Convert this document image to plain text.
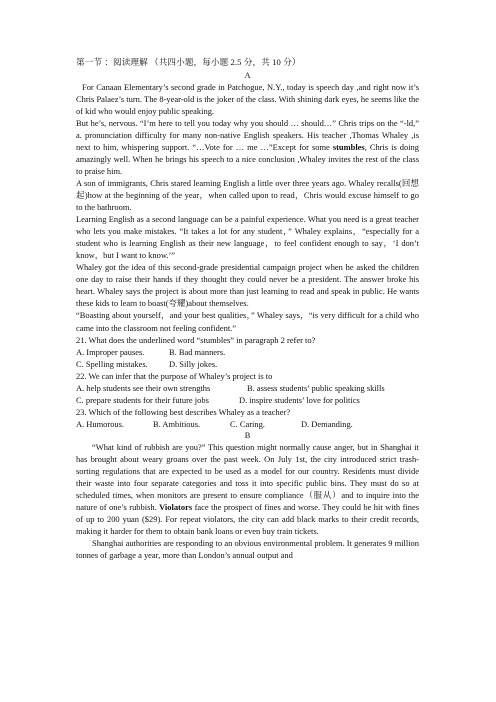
第一节 ：阅读理解 （共四小题，每小题 2.5 分，共 10 分）
A

For Canaan Elementary’s second grade in Patchogue, N.Y., today is speech day ,and right now it’s Chris Palaez’s turn. The 8-year-old is the joker of the class. With shining dark eyes, he seems like the of kid who would enjoy public speaking.

But he’s, nervous. “I’m here to tell you today why you should … should…” Chris trips on the “-ld,” a. pronunciation difficulty for many non-native English speakers. His teacher ,Thomas Whaley ,is next to him, whispering support. “…Vote for … me …”Except for some stumbles, Chris is doing amazingly well. When he brings his speech to a nice conclusion ,Whaley invites the rest of the class to praise him.

A son of immigrants, Chris stared learning English a little over three years ago. Whaley recalls(回想起)how at the beginning of the year，when called upon to read，Chris would excuse himself to go to the bathroom.

Learning English as a second language can be a painful experience. What you need is a great teacher who lets you make mistakes. “It takes a lot for any student，” Whaley explains，“especially for a student who is learning English as their new language，to feel confident enough to say，‘I don’t know，but I want to know.’”

Whaley got the idea of this second-grade presidential campaign project when he asked the children one day to raise their hands if they thought they could never be a president. The answer broke his heart. Whaley says the project is about more than just learning to read and speak in public. He wants these kids to learn to boast(夸耀)about themselves.

“Boasting about yourself，and your best qualities，” Whaley says，“is very difficult for a child who came into the classroom not feeling confident.”

21. What does the underlined word “stumbles” in paragraph 2 refer to?

A. Improper pauses.	B. Bad manners.
C. Spelling mistakes.	D. Silly jokes.

22. We can infer that the purpose of Whaley’s project is to

A. help students see their own strengths	B. assess students’ public speaking skills
C. prepare students for their future jobs	D. inspire students’ love for politics

23. Which of the following best describes Whaley as a teacher?

A. Humorous.	B. Ambitious.	C. Caring.	D. Demanding.
B

“What kind of rubbish are you?” This question might normally cause anger, but in Shanghai it has brought about weary groans over the past week. On July 1st, the city introduced strict trash-sorting regulations that are expected to be used as a model for our country. Residents must divide their waste into four separate categories and toss it into specific public bins. They must do so at scheduled times, when monitors are present to ensure compliance（服从）and to inquire into the nature of one’s rubbish. Violators face the prospect of fines and worse. They could be hit with fines of up to 200 yuan ($29). For repeat violators, the city can add black marks to their credit records, making it harder for them to obtain bank loans or even buy train tickets.

Shanghai authorities are responding to an obvious environmental problem. It generates 9 million tonnes of garbage a year, more than London’s annual output and
